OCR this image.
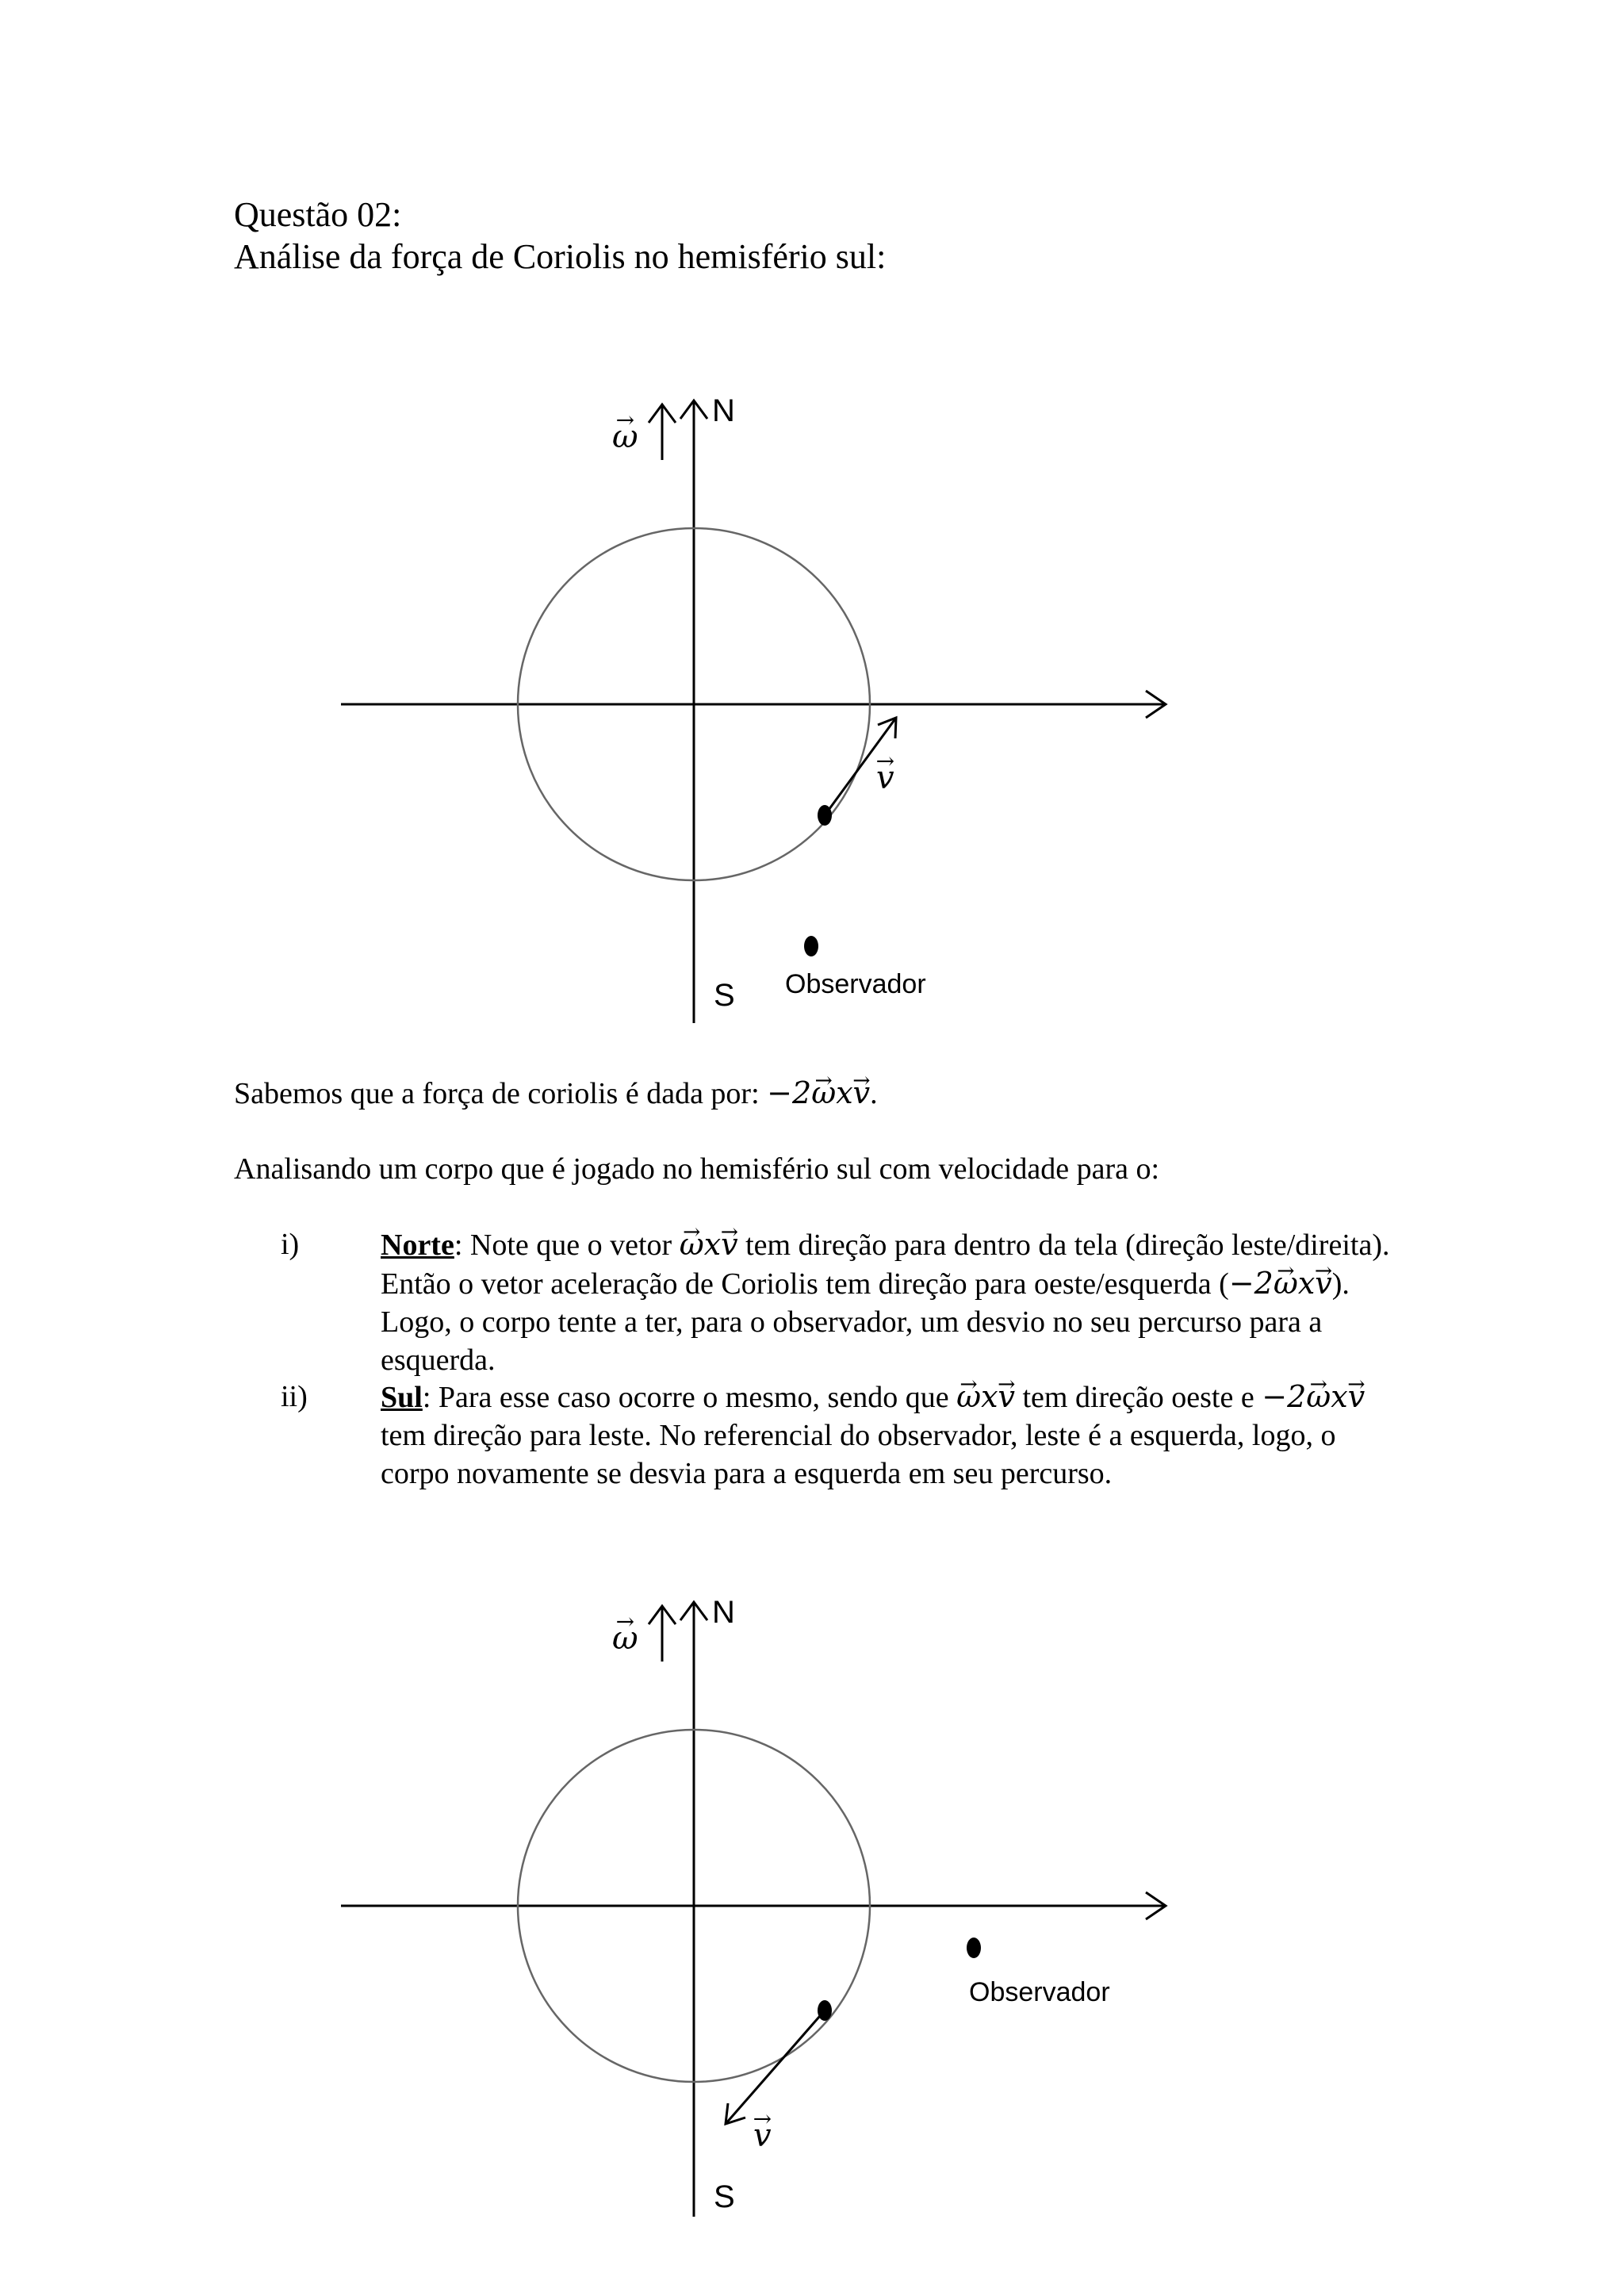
Questão 02:
Análise da força de Coriolis no hemisfério sul:
→ ω
N
→ v
S Observador
Sabemos que a força de coriolis é dada por: −2→ ωx→ v.
Analisando um corpo que é jogado no hemisfério sul com velocidade para o:
i)	Norte: Note que o vetor → ωx→ v tem direção para dentro da tela (direção leste/direita). Então o vetor aceleração de Coriolis tem direção para oeste/esquerda (−2→ ωx→ v). Logo, o corpo tente a ter, para o observador, um desvio no seu percurso para a esquerda.
ii) Sul: Para esse caso ocorre o mesmo, sendo que → ωx→ v tem direção oeste e −2→ ωx→ v tem direção para leste. No referencial do observador, leste é a esquerda, logo, o corpo novamente se desvia para a esquerda em seu percurso.
→ ω
N
→ v
S
Observador
